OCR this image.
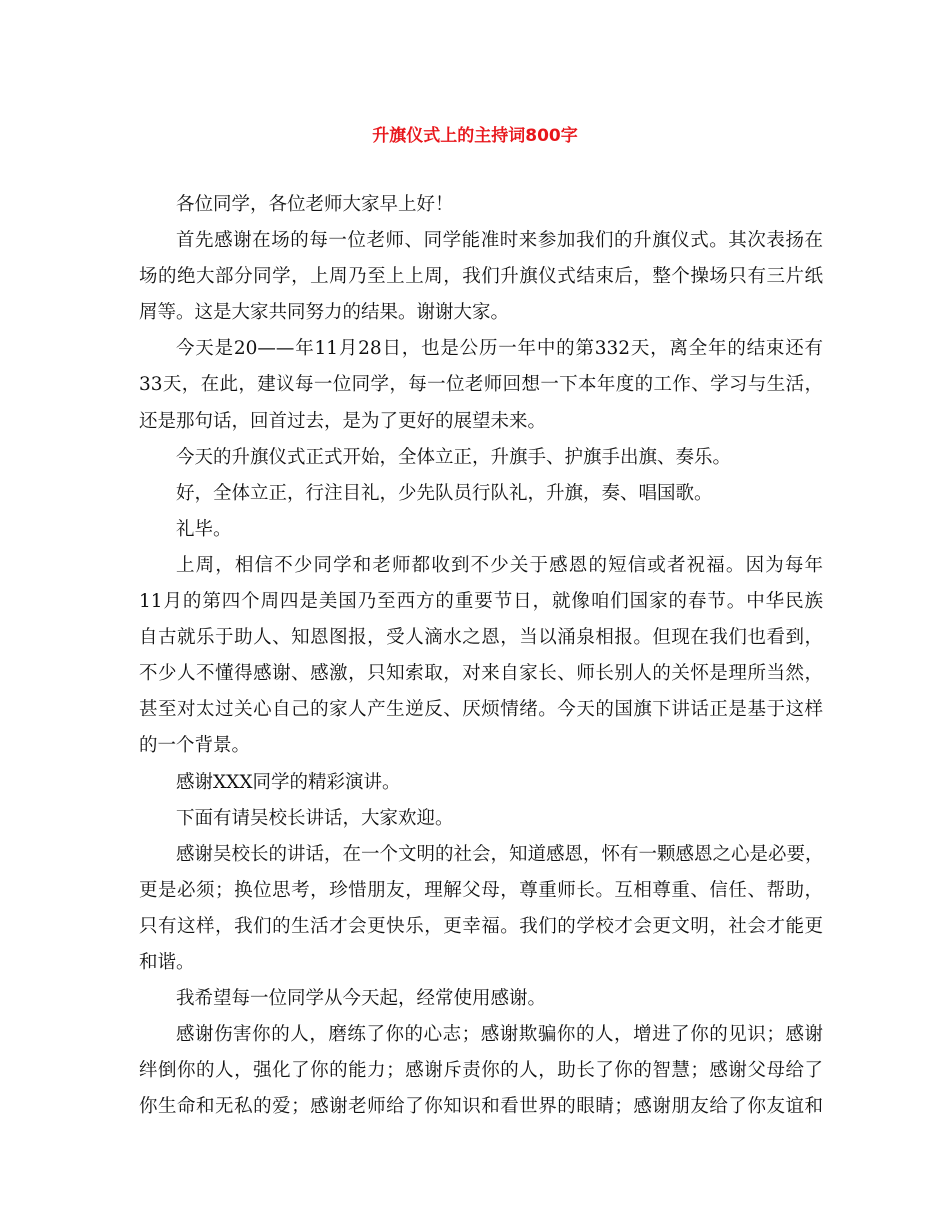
升旗仪式上的主持词800字
各位同学，各位老师大家早上好！
首先感谢在场的每一位老师、同学能准时来参加我们的升旗仪式。其次表扬在
场的绝大部分同学，上周乃至上上周，我们升旗仪式结束后，整个操场只有三片纸
屑等。这是大家共同努力的结果。谢谢大家。
今天是20——年11月28日，也是公历一年中的第332天，离全年的结束还有
33天，在此，建议每一位同学，每一位老师回想一下本年度的工作、学习与生活，
还是那句话，回首过去，是为了更好的展望未来。
今天的升旗仪式正式开始，全体立正，升旗手、护旗手出旗、奏乐。
好，全体立正，行注目礼，少先队员行队礼，升旗，奏、唱国歌。
礼毕。
上周，相信不少同学和老师都收到不少关于感恩的短信或者祝福。因为每年
11月的第四个周四是美国乃至西方的重要节日，就像咱们国家的春节。中华民族
自古就乐于助人、知恩图报，受人滴水之恩，当以涌泉相报。但现在我们也看到，
不少人不懂得感谢、感激，只知索取，对来自家长、师长别人的关怀是理所当然，
甚至对太过关心自己的家人产生逆反、厌烦情绪。今天的国旗下讲话正是基于这样
的一个背景。
感谢XXX同学的精彩演讲。
下面有请吴校长讲话，大家欢迎。
感谢吴校长的讲话，在一个文明的社会，知道感恩，怀有一颗感恩之心是必要，
更是必须；换位思考，珍惜朋友，理解父母，尊重师长。互相尊重、信任、帮助，
只有这样，我们的生活才会更快乐，更幸福。我们的学校才会更文明，社会才能更
和谐。
我希望每一位同学从今天起，经常使用感谢。
感谢伤害你的人，磨练了你的心志；感谢欺骗你的人，增进了你的见识；感谢
绊倒你的人，强化了你的能力；感谢斥责你的人，助长了你的智慧；感谢父母给了
你生命和无私的爱；感谢老师给了你知识和看世界的眼睛；感谢朋友给了你友谊和
